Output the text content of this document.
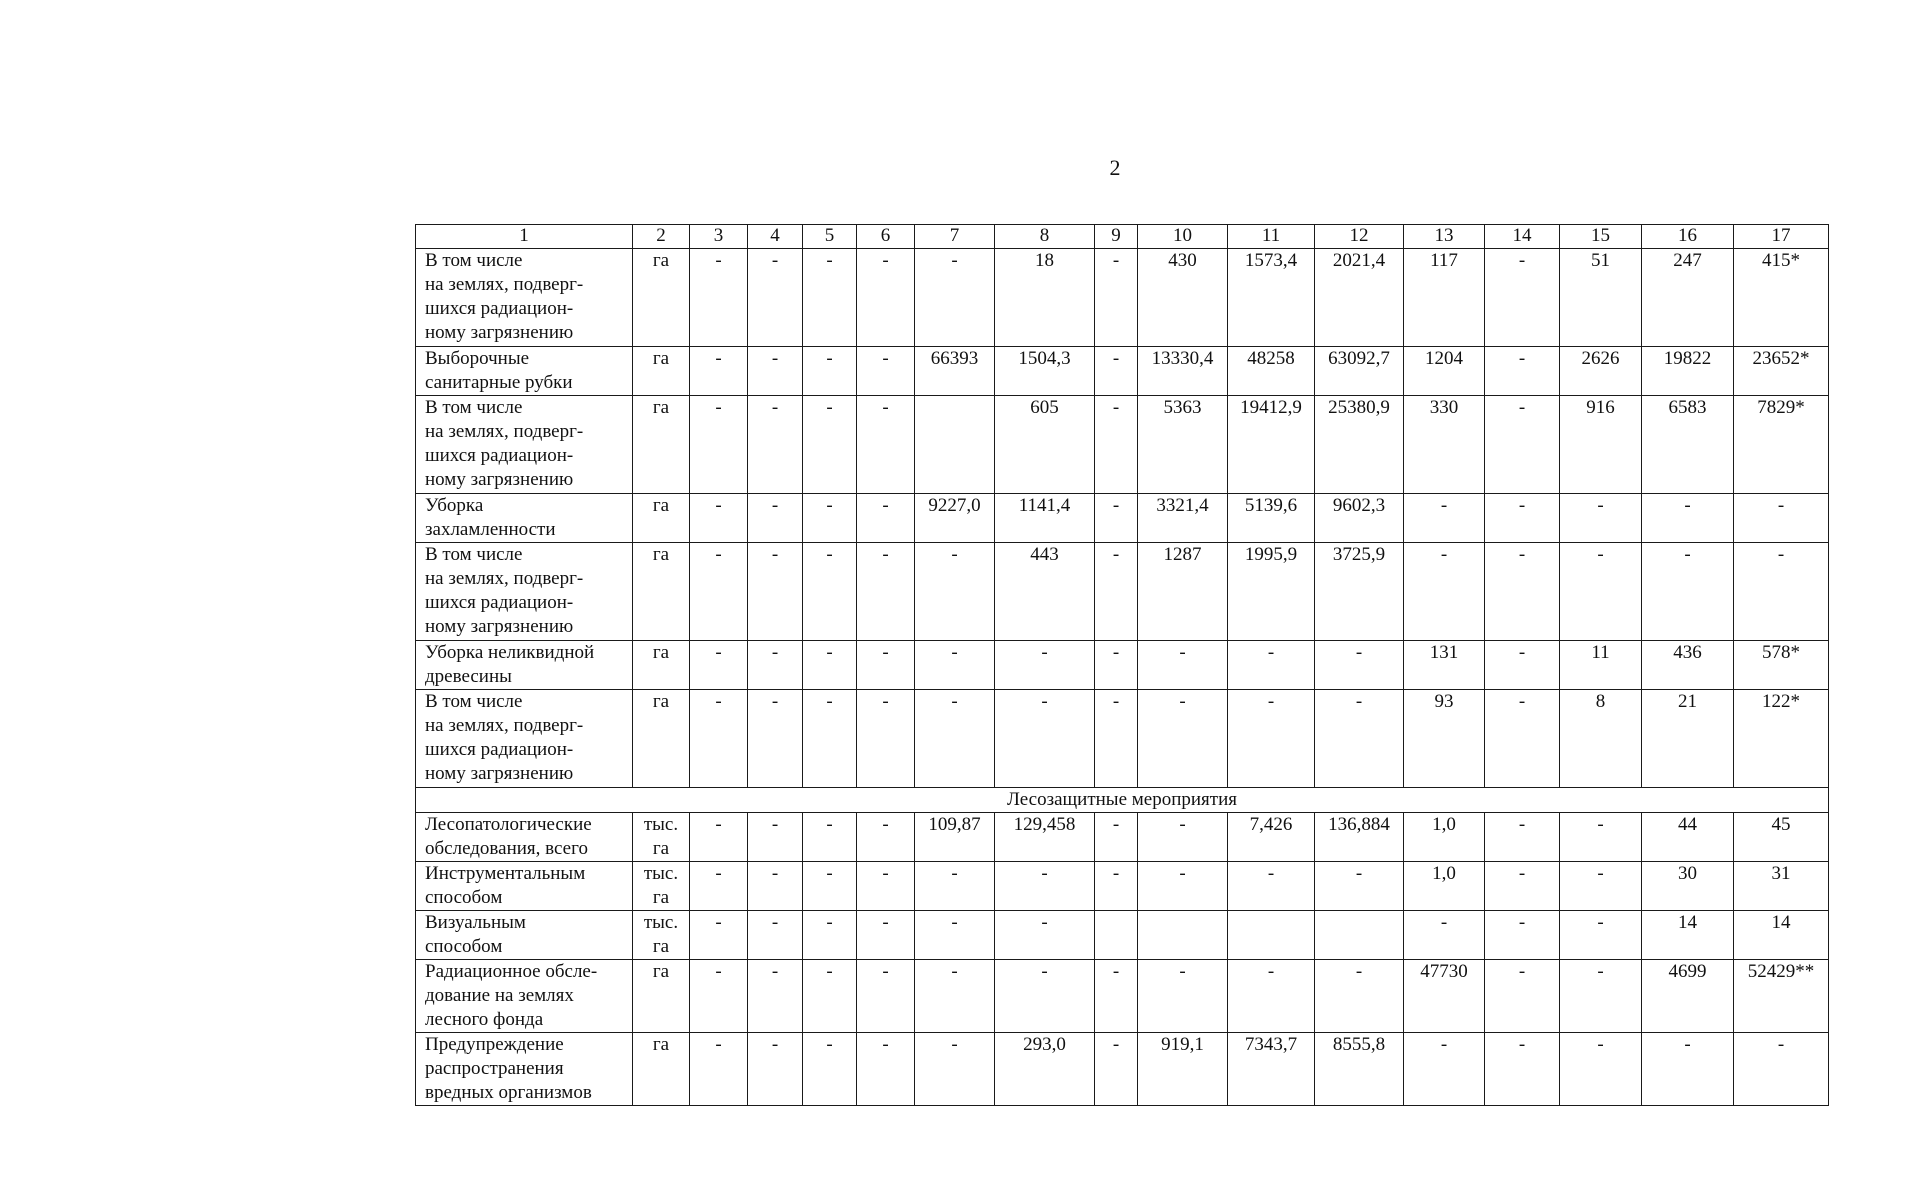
2
1	2	3	4	5	6	7	8	9	10	11	12	13	14	15	16	17
В том числе
на землях, подверг-
шихся радиацион-
ному загрязнению	га	-	-	-	-	-	18	-	430	1573,4	2021,4	117	-	51	247	415*
Выборочные
санитарные рубки	га	-	-	-	-	66393	1504,3	-	13330,4	48258	63092,7	1204	-	2626	19822	23652*
В том числе
на землях, подверг-
шихся радиацион-
ному загрязнению	га	-	-	-	-		605	-	5363	19412,9	25380,9	330	-	916	6583	7829*
Уборка
захламленности	га	-	-	-	-	9227,0	1141,4	-	3321,4	5139,6	9602,3	-	-	-	-	-
В том числе
на землях, подверг-
шихся радиацион-
ному загрязнению	га	-	-	-	-	-	443	-	1287	1995,9	3725,9	-	-	-	-	-
Уборка неликвидной
древесины	га	-	-	-	-	-	-	-	-	-	-	131	-	11	436	578*
В том числе
на землях, подверг-
шихся радиацион-
ному загрязнению	га	-	-	-	-	-	-	-	-	-	-	93	-	8	21	122*
Лесозащитные мероприятия																
Лесопатологические
обследования, всего	тыс.
га	-	-	-	-	109,87	129,458	-	-	7,426	136,884	1,0	-	-	44	45
Инструментальным
способом	тыс.
га	-	-	-	-	-	-	-	-	-	-	1,0	-	-	30	31
Визуальным
способом	тыс.
га	-	-	-	-	-	-					-	-	-	14	14
Радиационное обсле-
дование на землях
лесного фонда	га	-	-	-	-	-	-	-	-	-	-	47730	-	-	4699	52429**
Предупреждение
распространения
вредных организмов	га	-	-	-	-	-	293,0	-	919,1	7343,7	8555,8	-	-	-	-	-
